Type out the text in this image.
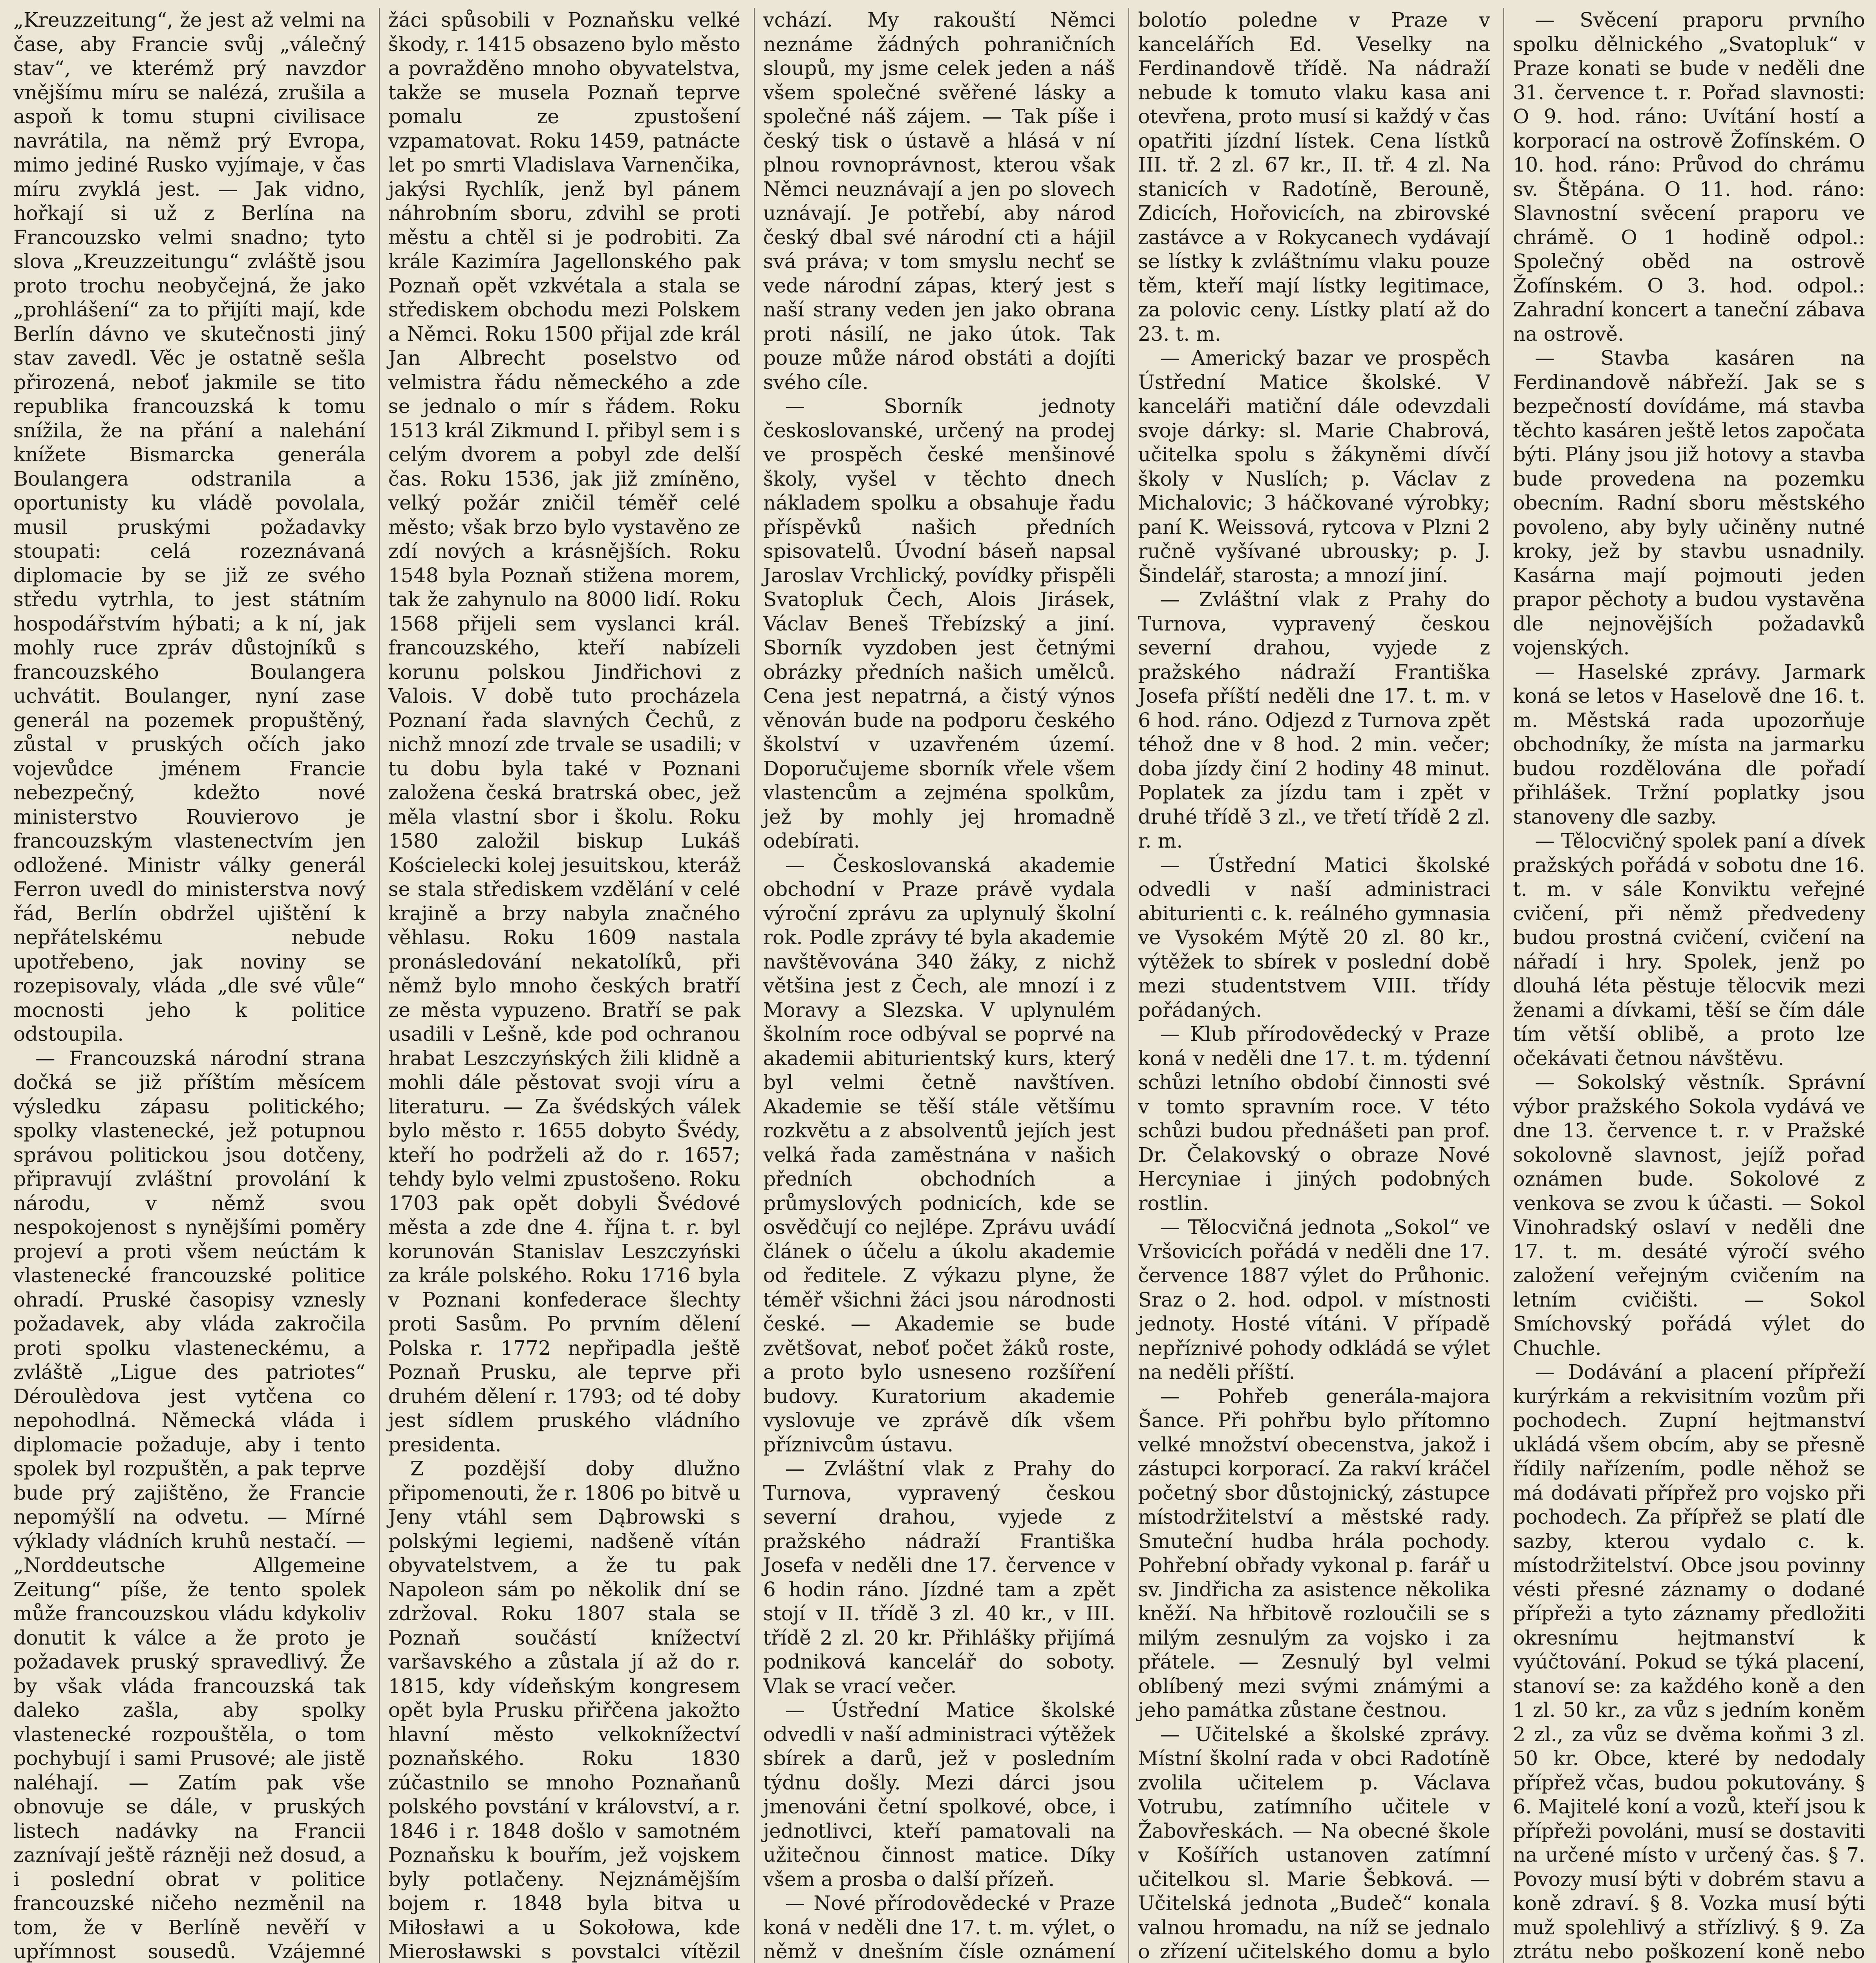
„Kreuzzeitung“, že jest až velmi na čase, aby Francie svůj „válečný stav“, ve kterémž prý navzdor vnějšímu míru se nalézá, zrušila a aspoň k tomu stupni civilisace navrátila, na němž prý Evropa, mimo jediné Rusko vyjímaje, v čas míru zvyklá jest. — Jak vidno, hořkají si už z Berlína na Francouzsko velmi snadno; tyto slova „Kreuzzeitungu“ zvláště jsou proto trochu neobyčejná, že jako „prohlášení“ za to přijíti mají, kde Berlín dávno ve skutečnosti jiný stav zavedl. Věc je ostatně sešla přirozená, neboť jakmile se tito republika francouzská k tomu snížila, že na přání a nalehání knížete Bismarcka generála Boulangera odstranila a oportunisty ku vládě povolala, musil pruskými požadavky stoupati: celá rozeznávaná diplomacie by se již ze svého středu vytrhla, to jest státním hospodářstvím hýbati; a k ní, jak mohly ruce zpráv důstojníků s francouzského Boulangera uchvátit. Boulanger, nyní zase generál na pozemek propuštěný, zůstal v pruských očích jako vojevůdce jménem Francie nebezpečný, kdežto nové ministerstvo Rouvierovo je francouzským vlastenectvím jen odložené. Ministr války generál Ferron uvedl do ministerstva nový řád, Berlín obdržel ujištění k nepřátelskému nebude upotřebeno, jak noviny se rozepisovaly, vláda „dle své vůle“ mocnosti jeho k politice odstoupila.

— Francouzská národní strana dočká se již příštím měsícem výsledku zápasu politického; spolky vlastenecké, jež potupnou správou politickou jsou dotčeny, připravují zvláštní provolání k národu, v němž svou nespokojenost s nynějšími poměry projeví a proti všem neúctám k vlastenecké francouzské politice ohradí. Pruské časopisy vznesly požadavek, aby vláda zakročila proti spolku vlasteneckému, a zvláště „Ligue des patriotes“ Déroulèdova jest vytčena co nepohodlná. Německá vláda i diplomacie požaduje, aby i tento spolek byl rozpuštěn, a pak teprve bude prý zajištěno, že Francie nepomýšlí na odvetu. — Mírné výklady vládních kruhů nestačí. — „Norddeutsche Allgemeine Zeitung“ píše, že tento spolek může francouzskou vládu kdykoliv donutit k válce a že proto je požadavek pruský spravedlivý. Že by však vláda francouzská tak daleko zašla, aby spolky vlastenecké rozpouštěla, o tom pochybují i sami Prusové; ale jistě naléhají. — Zatím pak vše obnovuje se dále, v pruských listech nadávky na Francii zaznívají ještě rázněji než dosud, a i poslední obrat v politice francouzské ničeho nezměnil na tom, že v Berlíně nevěří v upřímnost sousedů. Vzájemné

žáci spůsobili v Poznaňsku velké škody, r. 1415 obsazeno bylo město a povražděno mnoho obyvatelstva, takže se musela Poznaň teprve pomalu ze zpustošení vzpamatovat. Roku 1459, patnácte let po smrti Vladislava Varnenčika, jakýsi Rychlík, jenž byl pánem náhrobním sboru, zdvihl se proti městu a chtěl si je podrobiti. Za krále Kazimíra Jagellonského pak Poznaň opět vzkvétala a stala se střediskem obchodu mezi Polskem a Němci. Roku 1500 přijal zde král Jan Albrecht poselstvo od velmistra řádu německého a zde se jednalo o mír s řádem. Roku 1513 král Zikmund I. přibyl sem i s celým dvorem a pobyl zde delší čas. Roku 1536, jak již zmíněno, velký požár zničil téměř celé město; však brzo bylo vystavěno ze zdí nových a krásnějších. Roku 1548 byla Poznaň stižena morem, tak že zahynulo na 8000 lidí. Roku 1568 přijeli sem vyslanci král. francouzského, kteří nabízeli korunu polskou Jindřichovi z Valois. V době tuto procházela Poznaní řada slavných Čechů, z nichž mnozí zde trvale se usadili; v tu dobu byla také v Poznani založena česká bratrská obec, jež měla vlastní sbor i školu. Roku 1580 založil biskup Lukáš Kościelecki kolej jesuitskou, kteráž se stala střediskem vzdělání v celé krajině a brzy nabyla značného věhlasu. Roku 1609 nastala pronásledování nekatolíků, při němž bylo mnoho českých bratří ze města vypuzeno. Bratří se pak usadili v Lešně, kde pod ochranou hrabat Leszczyńských žili klidně a mohli dále pěstovat svoji víru a literaturu. — Za švédských válek bylo město r. 1655 dobyto Švédy, kteří ho podrželi až do r. 1657; tehdy bylo velmi zpustošeno. Roku 1703 pak opět dobyli Švédové města a zde dne 4. října t. r. byl korunován Stanislav Leszczyński za krále polského. Roku 1716 byla v Poznani konfederace šlechty proti Sasům. Po prvním dělení Polska r. 1772 nepřipadla ještě Poznaň Prusku, ale teprve při druhém dělení r. 1793; od té doby jest sídlem pruského vládního presidenta.

Z pozdější doby dlužno připomenouti, že r. 1806 po bitvě u Jeny vtáhl sem Dąbrowski s polskými legiemi, nadšeně vítán obyvatelstvem, a že tu pak Napoleon sám po několik dní se zdržoval. Roku 1807 stala se Poznaň součástí knížectví varšavského a zůstala jí až do r. 1815, kdy vídeňským kongresem opět byla Prusku přiřčena jakožto hlavní město velkoknížectví poznaňského. Roku 1830 zúčastnilo se mnoho Poznaňanů polského povstání v království, a r. 1846 i r. 1848 došlo v samotném Poznaňsku k bouřím, jež vojskem byly potlačeny. Nejznámějším bojem r. 1848 byla bitva u Miłosławi a u Sokołowa, kde Mierosławski s povstalci vítězil

vchází. My rakouští Němci neznáme žádných pohraničních sloupů, my jsme celek jeden a náš všem společné svěřené lásky a společné náš zájem. — Tak píše i český tisk o ústavě a hlásá v ní plnou rovnoprávnost, kterou však Němci neuznávají a jen po slovech uznávají. Je potřebí, aby národ český dbal své národní cti a hájil svá práva; v tom smyslu nechť se vede národní zápas, který jest s naší strany veden jen jako obrana proti násilí, ne jako útok. Tak pouze může národ obstáti a dojíti svého cíle.

— Sborník jednoty českoslovanské, určený na prodej ve prospěch české menšinové školy, vyšel v těchto dnech nákladem spolku a obsahuje řadu příspěvků našich předních spisovatelů. Úvodní báseň napsal Jaroslav Vrchlický, povídky přispěli Svatopluk Čech, Alois Jirásek, Václav Beneš Třebízský a jiní. Sborník vyzdoben jest četnými obrázky předních našich umělců. Cena jest nepatrná, a čistý výnos věnován bude na podporu českého školství v uzavřeném území. Doporučujeme sborník vřele všem vlastencům a zejména spolkům, jež by mohly jej hromadně odebírati.

— Českoslovanská akademie obchodní v Praze právě vydala výroční zprávu za uplynulý školní rok. Podle zprávy té byla akademie navštěvována 340 žáky, z nichž většina jest z Čech, ale mnozí i z Moravy a Slezska. V uplynulém školním roce odbýval se poprvé na akademii abiturientský kurs, který byl velmi četně navštíven. Akademie se těší stále většímu rozkvětu a z absolventů jejích jest velká řada zaměstnána v našich předních obchodních a průmyslových podnicích, kde se osvědčují co nejlépe. Zprávu uvádí článek o účelu a úkolu akademie od ředitele. Z výkazu plyne, že téměř všichni žáci jsou národnosti české. — Akademie se bude zvětšovat, neboť počet žáků roste, a proto bylo usneseno rozšíření budovy. Kuratorium akademie vyslovuje ve zprávě dík všem příznivcům ústavu.

— Zvláštní vlak z Prahy do Turnova, vypravený českou severní drahou, vyjede z pražského nádraží Františka Josefa v neděli dne 17. července v 6 hodin ráno. Jízdné tam a zpět stojí v II. třídě 3 zl. 40 kr., v III. třídě 2 zl. 20 kr. Přihlášky přijímá podniková kancelář do soboty. Vlak se vrací večer.

— Ústřední Matice školské odvedli v naší administraci výtěžek sbírek a darů, jež v posledním týdnu došly. Mezi dárci jsou jmenováni četní spolkové, obce, i jednotlivci, kteří pamatovali na užitečnou činnost matice. Díky všem a prosba o další přízeň.

— Nové přírodovědecké v Praze koná v neděli dne 17. t. m. výlet, o němž v dnešním čísle oznámení

bolotío poledne v Praze v kancelářích Ed. Veselky na Ferdinandově třídě. Na nádraží nebude k tomuto vlaku kasa ani otevřena, proto musí si každý v čas opatřiti jízdní lístek. Cena lístků III. tř. 2 zl. 67 kr., II. tř. 4 zl. Na stanicích v Radotíně, Berouně, Zdicích, Hořovicích, na zbirovské zastávce a v Rokycanech vydávají se lístky k zvláštnímu vlaku pouze těm, kteří mají lístky legitimace, za polovic ceny. Lístky platí až do 23. t. m.

— Americký bazar ve prospěch Ústřední Matice školské. V kanceláři matiční dále odevzdali svoje dárky: sl. Marie Chabrová, učitelka spolu s žákyněmi dívčí školy v Nuslích; p. Václav z Michalovic; 3 háčkované výrobky; paní K. Weissová, rytcova v Plzni 2 ručně vyšívané ubrousky; p. J. Šindelář, starosta; a mnozí jiní.

— Zvláštní vlak z Prahy do Turnova, vypravený českou severní drahou, vyjede z pražského nádraží Františka Josefa příští neděli dne 17. t. m. v 6 hod. ráno. Odjezd z Turnova zpět téhož dne v 8 hod. 2 min. večer; doba jízdy činí 2 hodiny 48 minut. Poplatek za jízdu tam i zpět v druhé třídě 3 zl., ve třetí třídě 2 zl. r. m.

— Ústřední Matici školské odvedli v naší administraci abiturienti c. k. reálného gymnasia ve Vysokém Mýtě 20 zl. 80 kr., výtěžek to sbírek v poslední době mezi studentstvem VIII. třídy pořádaných.

— Klub přírodovědecký v Praze koná v neděli dne 17. t. m. týdenní schůzi letního období činnosti své v tomto spravním roce. V této schůzi budou přednášeti pan prof. Dr. Čelakovský o obraze Nové Hercyniae i jiných podobných rostlin.

— Tělocvičná jednota „Sokol“ ve Vršovicích pořádá v neděli dne 17. července 1887 výlet do Průhonic. Sraz o 2. hod. odpol. v místnosti jednoty. Hosté vítáni. V případě nepříznivé pohody odkládá se výlet na neděli příští.

— Pohřeb generála-majora Šance. Při pohřbu bylo přítomno velké množství obecenstva, jakož i zástupci korporací. Za rakví kráčel početný sbor důstojnický, zástupce místodržitelství a městské rady. Smuteční hudba hrála pochody. Pohřební obřady vykonal p. farář u sv. Jindřicha za asistence několika kněží. Na hřbitově rozloučili se s milým zesnulým za vojsko i za přátele. — Zesnulý byl velmi oblíbený mezi svými známými a jeho památka zůstane čestnou.

— Učitelské a školské zprávy. Místní školní rada v obci Radotíně zvolila učitelem p. Václava Votrubu, zatímního učitele v Žabovřeskách. — Na obecné škole v Košířích ustanoven zatímní učitelkou sl. Marie Šebková. — Učitelská jednota „Budeč“ konala valnou hromadu, na níž se jednalo o zřízení učitelského domu a bylo

— Svěcení praporu prvního spolku dělnického „Svatopluk“ v Praze konati se bude v neděli dne 31. července t. r. Pořad slavnosti: O 9. hod. ráno: Uvítání hostí a korporací na ostrově Žofínském. O 10. hod. ráno: Průvod do chrámu sv. Štěpána. O 11. hod. ráno: Slavnostní svěcení praporu ve chrámě. O 1 hodině odpol.: Společný oběd na ostrově Žofínském. O 3. hod. odpol.: Zahradní koncert a taneční zábava na ostrově.

— Stavba kasáren na Ferdinandově nábřeží. Jak se s bezpečností dovídáme, má stavba těchto kasáren ještě letos započata býti. Plány jsou již hotovy a stavba bude provedena na pozemku obecním. Radní sboru městského povoleno, aby byly učiněny nutné kroky, jež by stavbu usnadnily. Kasárna mají pojmouti jeden prapor pěchoty a budou vystavěna dle nejnovějších požadavků vojenských.

— Haselské zprávy. Jarmark koná se letos v Haselově dne 16. t. m. Městská rada upozorňuje obchodníky, že místa na jarmarku budou rozdělována dle pořadí přihlášek. Tržní poplatky jsou stanoveny dle sazby.

— Tělocvičný spolek paní a dívek pražských pořádá v sobotu dne 16. t. m. v sále Konviktu veřejné cvičení, při němž předvedeny budou prostná cvičení, cvičení na nářadí i hry. Spolek, jenž po dlouhá léta pěstuje tělocvik mezi ženami a dívkami, těší se čím dále tím větší oblibě, a proto lze očekávati četnou návštěvu.

— Sokolský věstník. Správní výbor pražského Sokola vydává ve dne 13. července t. r. v Pražské sokolovně slavnost, jejíž pořad oznámen bude. Sokolové z venkova se zvou k účasti. — Sokol Vinohradský oslaví v neděli dne 17. t. m. desáté výročí svého založení veřejným cvičením na letním cvičišti. — Sokol Smíchovský pořádá výlet do Chuchle.

— Dodávání a placení přípřeží kurýrkám a rekvisitním vozům při pochodech. Zupní hejtmanství ukládá všem obcím, aby se přesně řídily nařízením, podle něhož se má dodávati přípřež pro vojsko při pochodech. Za přípřež se platí dle sazby, kterou vydalo c. k. místodržitelství. Obce jsou povinny vésti přesné záznamy o dodané přípřeži a tyto záznamy předložiti okresnímu hejtmanství k vyúčtování. Pokud se týká placení, stanoví se: za každého koně a den 1 zl. 50 kr., za vůz s jedním koněm 2 zl., za vůz se dvěma koňmi 3 zl. 50 kr. Obce, které by nedodaly přípřež včas, budou pokutovány. § 6. Majitelé koní a vozů, kteří jsou k přípřeži povoláni, musí se dostaviti na určené místo v určený čas. § 7. Povozy musí býti v dobrém stavu a koně zdraví. § 8. Vozka musí býti muž spolehlivý a střízlivý. § 9. Za ztrátu nebo poškození koně nebo
